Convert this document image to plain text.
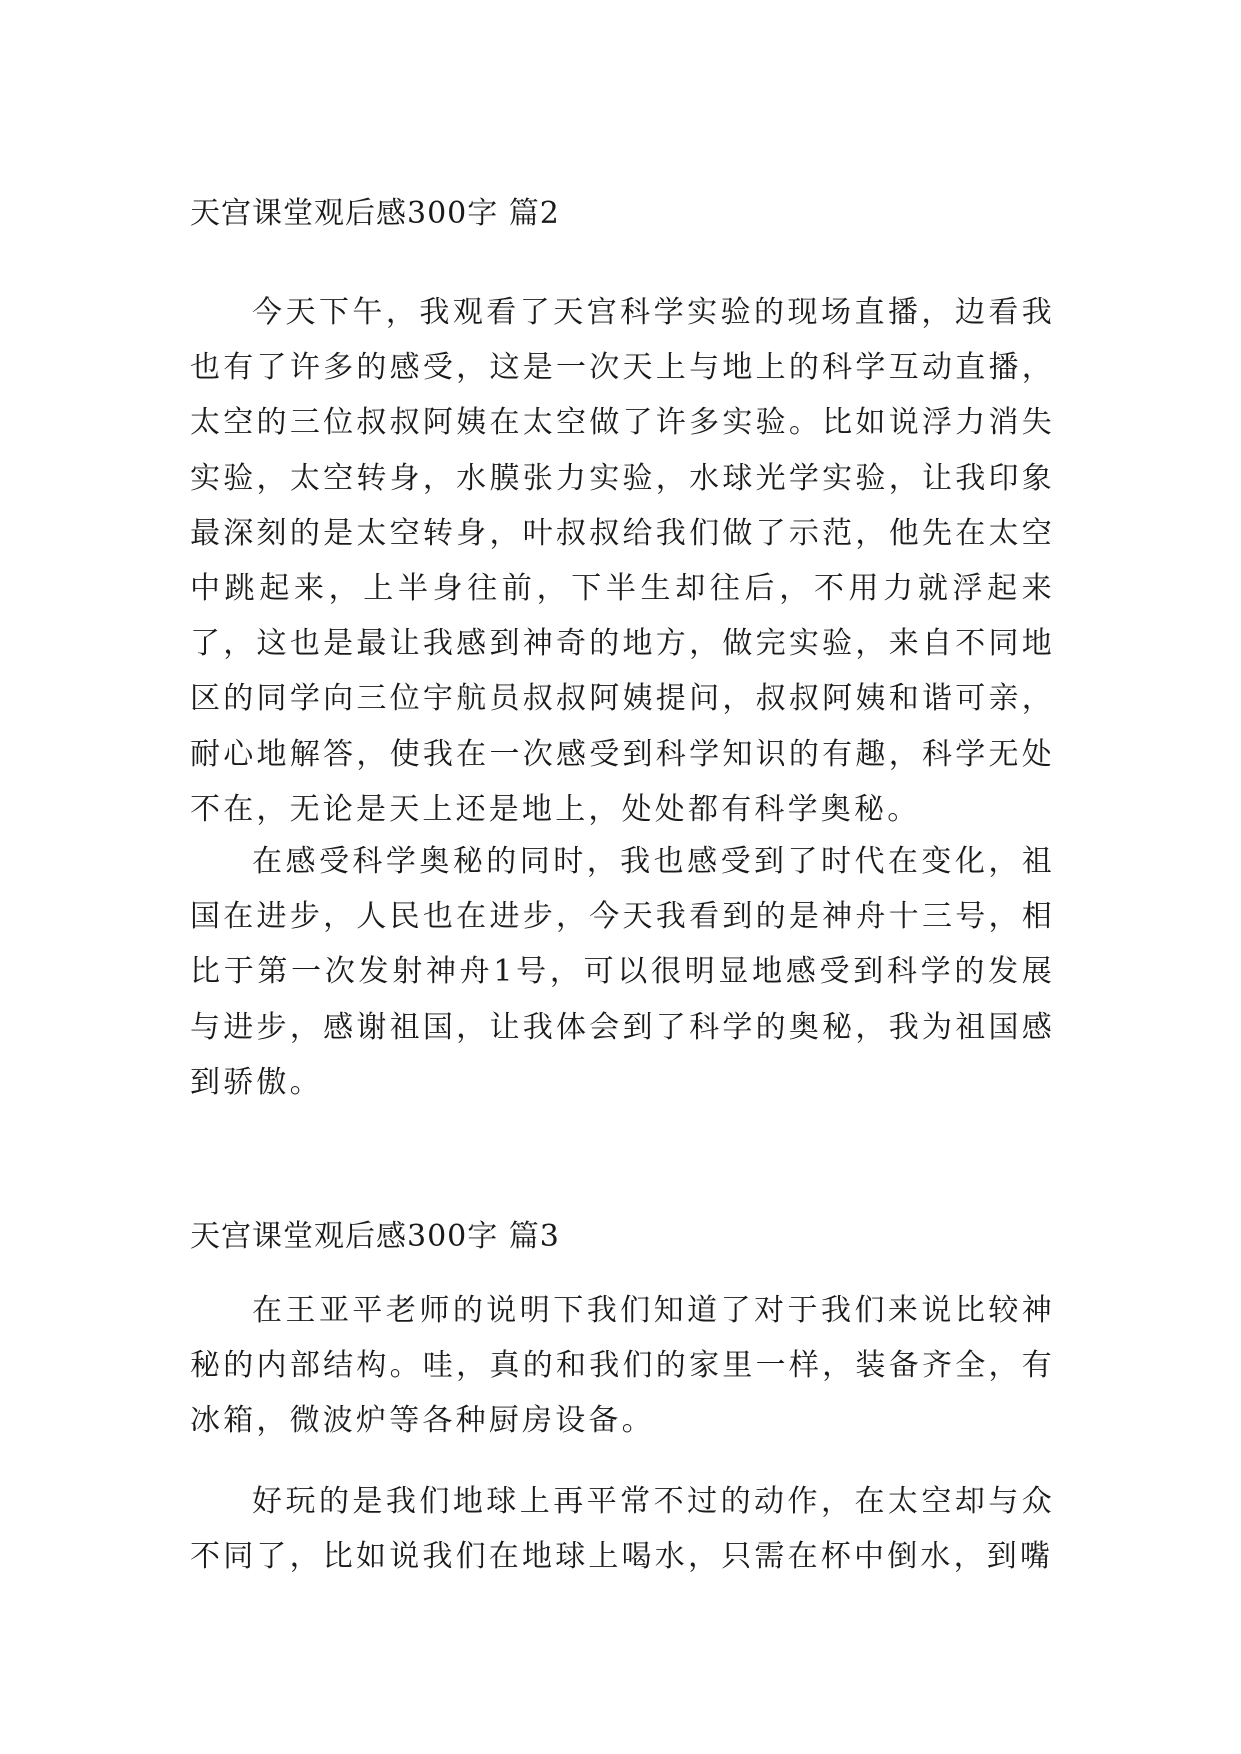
天宫课堂观后感300字 篇2

今天下午，我观看了天宫科学实验的现场直播，边看我也有了许多的感受，这是一次天上与地上的科学互动直播，太空的三位叔叔阿姨在太空做了许多实验。比如说浮力消失实验，太空转身，水膜张力实验，水球光学实验，让我印象最深刻的是太空转身，叶叔叔给我们做了示范，他先在太空中跳起来，上半身往前，下半生却往后，不用力就浮起来了，这也是最让我感到神奇的地方，做完实验，来自不同地区的同学向三位宇航员叔叔阿姨提问，叔叔阿姨和谐可亲，耐心地解答，使我在一次感受到科学知识的有趣，科学无处不在，无论是天上还是地上，处处都有科学奥秘。

在感受科学奥秘的同时，我也感受到了时代在变化，祖国在进步，人民也在进步，今天我看到的是神舟十三号，相比于第一次发射神舟1号，可以很明显地感受到科学的发展与进步，感谢祖国，让我体会到了科学的奥秘，我为祖国感到骄傲。

天宫课堂观后感300字 篇3

在王亚平老师的说明下我们知道了对于我们来说比较神秘的内部结构。哇，真的和我们的家里一样，装备齐全，有冰箱，微波炉等各种厨房设备。

好玩的是我们地球上再平常不过的动作，在太空却与众不同了，比如说我们在地球上喝水，只需在杯中倒水，到嘴
